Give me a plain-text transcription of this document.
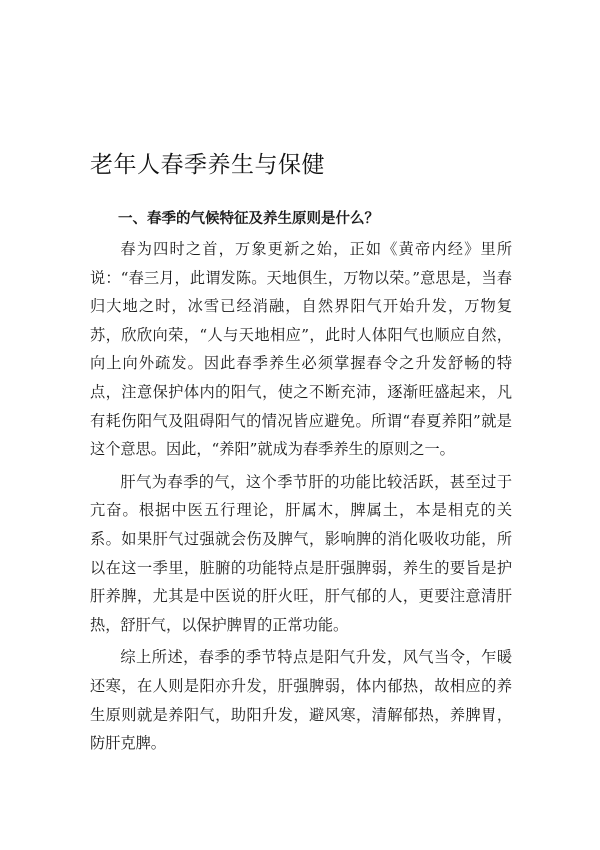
老年人春季养生与保健
一、春季的气候特征及养生原则是什么？

春为四时之首，万象更新之始，正如《黄帝内经》里所说：“春三月，此谓发陈。天地俱生，万物以荣。”意思是，当春归大地之时，冰雪已经消融，自然界阳气开始升发，万物复苏，欣欣向荣，“人与天地相应”，此时人体阳气也顺应自然，向上向外疏发。因此春季养生必须掌握春令之升发舒畅的特点，注意保护体内的阳气，使之不断充沛，逐渐旺盛起来，凡有耗伤阳气及阻碍阳气的情况皆应避免。所谓“春夏养阳”就是这个意思。因此，“养阳”就成为春季养生的原则之一。

肝气为春季的气，这个季节肝的功能比较活跃，甚至过于亢奋。根据中医五行理论，肝属木，脾属土，本是相克的关系。如果肝气过强就会伤及脾气，影响脾的消化吸收功能，所以在这一季里，脏腑的功能特点是肝强脾弱，养生的要旨是护肝养脾，尤其是中医说的肝火旺，肝气郁的人，更要注意清肝热，舒肝气，以保护脾胃的正常功能。

综上所述，春季的季节特点是阳气升发，风气当令，乍暖还寒，在人则是阳亦升发，肝强脾弱，体内郁热，故相应的养生原则就是养阳气，助阳升发，避风寒，清解郁热，养脾胃，防肝克脾。
